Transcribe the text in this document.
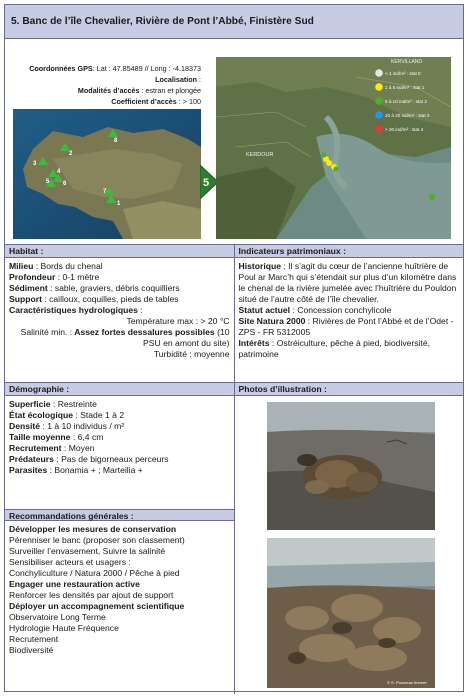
5. Banc de l’île Chevalier, Rivière de Pont l’Abbé, Finistère Sud

Coordonnées GPS: Lat : 47.85489 // Long : -4.18373

Localisation :

Modalités d’accès : estran et plongée

Coefficient d’accès : > 100

8
2
3
4
5 6
7
1
5
KERDOUR
KERVILLAND
< 1 ind/m² : stat 0
1 à 5 ind/m² : stat 1
5 à 10 ind/m² : stat 2
10 à 20 ind/m² : stat 3
> 20 ind/m² : stat 4
Habitat :	Indicateurs patrimoniaux :

Milieu : Bords du chenal

Profondeur : 0-1 mètre

Sédiment : sable, graviers, débris coquilliers

Support : cailloux, coquilles, pieds de tables

Caractéristiques hydrologiques :

Température max : > 20 °C

Salinité min. : Assez fortes dessalures possibles (10 PSU en amont du site)

Turbidité : moyenne

Historique : Il s’agit du cœur de l’ancienne huîtrière de Poul ar Marc’h qui s’étendait sur plus d’un kilomètre dans le chenal de la rivière jumelée avec l’huîtrière du Pouldon situé de l’autre côté de l’île chevalier.

Statut actuel : Concession conchylicole

Site Natura 2000 : Rivières de Pont l’Abbé et de l’Odet - ZPS - FR 5312005

Intérêts : Ostréiculture, pêche à pied, biodiversité, patrimoine

Démographie :	Photos d’illustration :

Superficie : Restreinte

État écologique : Stade 1 à 2

Densité : 1 à 10 individus / m²

Taille moyenne : 6,4 cm

Recrutement : Moyen

Prédateurs : Pas de bigorneaux perceurs

Parasites : Bonamia + ; Marteilia +

Recommandations générales :

Développer les mesures de conservation

Pérenniser le banc (proposer son classement)

Surveiller l’envasement, Suivre la salinité

Sensibiliser acteurs et usagers :

Conchyliculture / Natura 2000 / Pêche à pied

Engager une restauration active

Renforcer les densités par ajout de support

Déployer un accompagnement scientifique

Observatoire Long Terme

Hydrologie Haute Fréquence

Recrutement

Biodiversité

© S. Pouvreau Ifremer
